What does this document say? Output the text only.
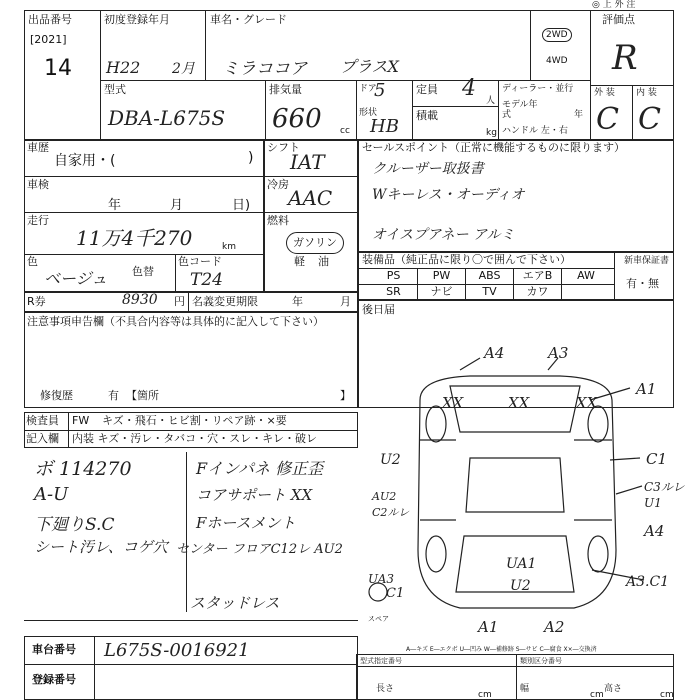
◎ 上 外 注
出品番号
[2021]
14
初度登録年月
H22 2月
車名・グレード
ミラココア プラスX
2WD
4WD
評価点
R
外 装 内 装
C C
型式
DBA-L675S
排気量
660 cc
ドア
5
形状
HB
定員 4 人
積載
kg
ディーラー・並行
モデル年式	年
ハンドル 左・右
車歴
自家用・(	)
車検
年	月	日)
走行
11万4千270	km
色
ベージュ 色替
色コード
T24
シフト
IAT
冷房
AAC
燃料
ガソリン
軽 油
R券	8930 円 名義変更期限	年	月
注意事項申告欄（不具合内容等は具体的に記入して下さい）
修復歴	有 【箇所	】
セールスポイント（正常に機能するものに限ります）
クルーザー取扱書
Wキーレス・オーディオ
オイスプアネー アルミ
装備品（純正品に限り〇で囲んで下さい）	新車保証書
有・無
PS	PW	ABS	エアB	AW
SR	ナビ	TV	カワ
後日届
検査員 FW キズ・飛石・ヒビ割・リペア跡・×要
記入欄 内装 キズ・汚レ・タバコ・穴・スレ・キレ・破レ
ボ 114270
A-U
下廻りS.C
シート汚レ、コゲ穴
Fインパネ 修正歪
コアサポート XX
Fホースメント
センター フロアC12レ AU2
スタッドレス
A4	A3
XX	XX	XX
A1
U2	C1
C3ルレ
U1
AU2
C2ルレ
A4
UA1
U2
UA3
C1
A3.C1
A1	A2
スペア
A―キズ E―エクボ U―凹み W―補修跡 S―サビ C―腐食 X×―交換済
車台番号 L675S-0016921
登録番号
型式指定番号	類別区分番号
長さ
cm
幅
cm
高さ
cm
